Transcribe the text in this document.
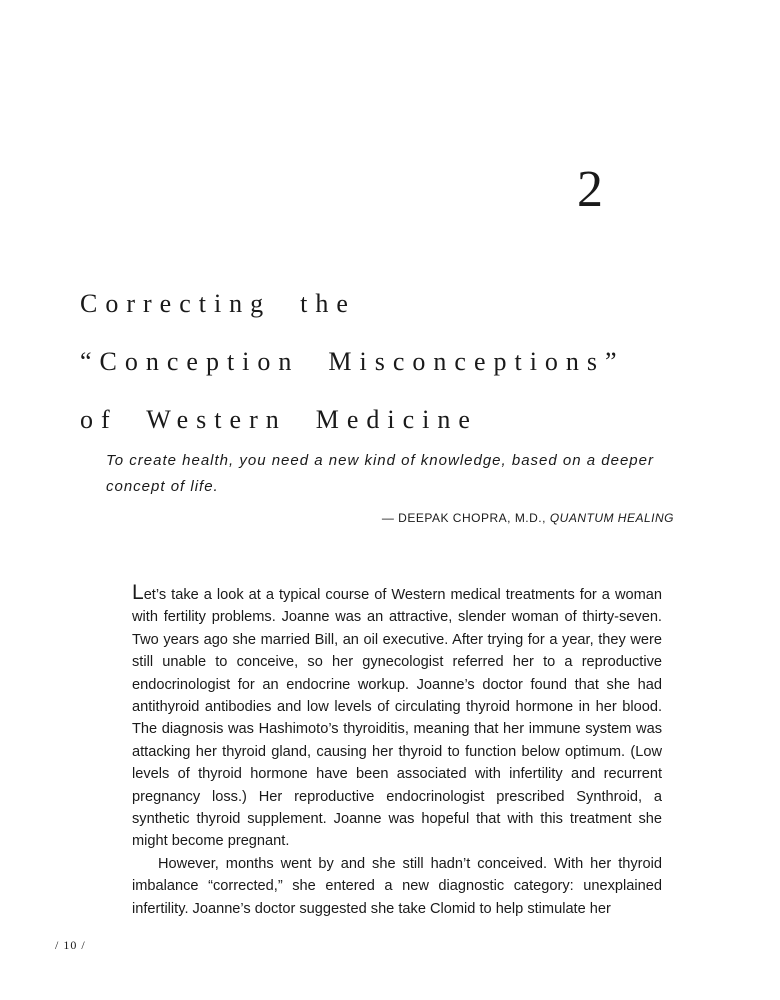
2
Correcting  the
“Conception  Misconceptions”
of  Western  Medicine
To create health, you need a new kind of knowledge, based on a deeper concept of life.
— DEEPAK CHOPRA, M.D., QUANTUM HEALING

Let’s take a look at a typical course of Western medical treatments for a woman with fertility problems. Joanne was an attractive, slender woman of thirty-seven. Two years ago she married Bill, an oil executive. After trying for a year, they were still unable to conceive, so her gynecologist referred her to a reproductive endocrinologist for an endocrine workup. Joanne’s doctor found that she had antithyroid antibodies and low levels of circulating thyroid hormone in her blood. The diagnosis was Hashimoto’s thyroiditis, meaning that her immune system was attacking her thyroid gland, causing her thyroid to function below optimum. (Low levels of thyroid hormone have been associated with infertility and recurrent pregnancy loss.) Her reproductive endocrinologist prescribed Synthroid, a synthetic thyroid supplement. Joanne was hopeful that with this treatment she might become pregnant.

However, months went by and she still hadn’t conceived. With her thyroid imbalance “corrected,” she entered a new diagnostic category: unexplained infertility. Joanne’s doctor suggested she take Clomid to help stimulate her

/ 10 /
